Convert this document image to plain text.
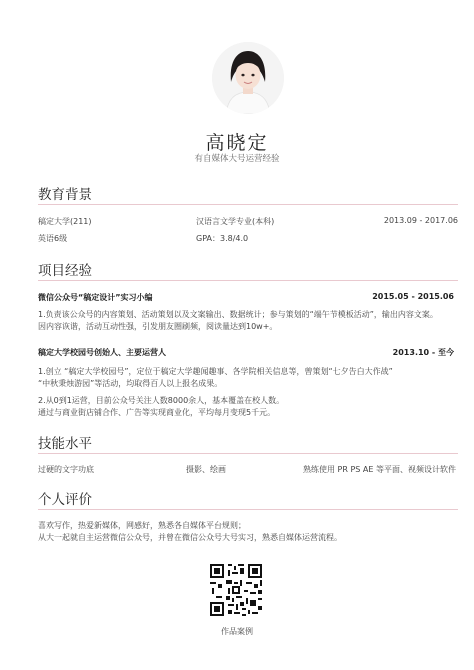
高晓定
有自媒体大号运营经验
教育背景
稿定大学(211)	汉语言文学专业(本科)	2013.09 - 2017.06
英语6级	GPA：3.8/4.0
项目经验
微信公众号“稿定设计”实习小编	2015.05 - 2015.06
1.负责该公众号的内容策划、活动策划以及文案输出、数据统计；参与策划的“端午节模板活动”，输出内容文案。
因内容诙谐，活动互动性强，引发朋友圈刷频，阅读量达到10w+。
稿定大学校园号创始人、主要运营人	2013.10 - 至今
1.创立 “稿定大学校园号”，定位于稿定大学趣闻趣事、各学院相关信息等，曾策划“七夕告白大作战”
“中秋秉烛游园”等活动，均取得百人以上报名成果。
2.从0到1运营，目前公众号关注人数8000余人，基本覆盖在校人数。
通过与商业街店铺合作、广告等实现商业化，平均每月变现5千元。
技能水平
过硬的文字功底	摄影、绘画	熟练使用 PR PS AE 等平面、视频设计软件
个人评价
喜欢写作，热爱新媒体，网感好，熟悉各自媒体平台规则；
从大一起就自主运营微信公众号，并曾在微信公众号大号实习，熟悉自媒体运营流程。
作品案例
